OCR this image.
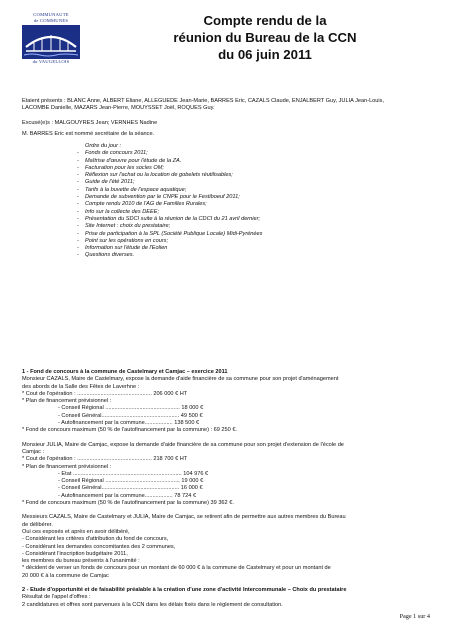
COMMUNAUTE
de COMMUNES
du VAUGELLOIS
Compte rendu de la
réunion du Bureau de la CCN
du 06 juin 2011
Etaient présents : BLANC Anne, ALBERT Eliane, ALLEGUEDE Jean-Marie, BARRES Eric, CAZALS Claude, ENJALBERT Guy, JULIA Jean-Louis,
LACOMBE Danielle, MAZARS Jean-Pierre, MOUYSSET Joël, ROQUES Guy.
Excusé(e)s : MALGOUYRES Jean; VERNHES Nadine
M. BARRES Eric est nommé secrétaire de la séance.
Ordre du jour :
- Fonds de concours 2011;
- Maîtrise d'œuvre pour l'étude de la ZA.
- Facturation pour les socles OM;
- Réflexion sur l'achat ou la location de gobelets réutilisables;
- Guide de l'été 2011;
- Tarifs à la buvette de l'espace aquatique;
- Demande de subvention par le CNPE pour le Festiboeuf 2011;
- Compte rendu 2010 de l'AG de Familles Rurales;
- Info sur la collecte des DEEE;
- Présentation du SDCI suite à la réunion de la CDCI du 21 avril dernier;
- Site Internet : choix du prestataire;
- Prise de participation à la SPL (Société Publique Locale) Midi-Pyrénées
- Point sur les opérations en cours;
- Information sur l'étude de l'Eolien
- Questions diverses.

1 - Fond de concours à la commune de Castelmary et Camjac – exercice 2011

Monsieur CAZALS, Maire de Castelmary, expose la demande d'aide financière de sa commune pour son projet d'aménagement

des abords de la Salle des Fêtes de Laverhne :

* Cout de l'opération : ................................................ 206 000 € HT

* Plan de financement prévisionnel :

- Conseil Régional ................................................ 18 000 €

- Conseil Général.................................................. 49 500 €

- Autofinancement par la commune.................. 138 500 €

* Fond de concours maximum (50 % de l'autofinancement par la commune) : 69 250 €.

Monsieur JULIA, Maire de Camjac, expose la demande d'aide financière de sa commune pour son projet d'extension de l'école de

Camjac :

* Cout de l'opération : ................................................ 218 700 € HT

* Plan de financement prévisionnel :

- Etat ...................................................................... 104 976 €

- Conseil Régional ................................................ 19 000 €

- Conseil Général.................................................. 16 000 €

- Autofinancement par la commune.................. 78 724 €

* Fond de concours maximum (50 % de l'autofinancement par la commune) 39 362 €.

Messieurs CAZALS, Maire de Castelmary et JULIA, Maire de Camjac, se retirent afin de permettre aux autres membres du Bureau

de délibérer.

Oui ces exposés et après en avoir délibéré,

- Considérant les critères d'attribution du fond de concours,

- Considérant les demandes concomitantes des 2 communes,

- Considérant l'inscription budgétaire 2011,

les membres du bureau présents à l'unanimité :

* décident de verser un fonds de concours pour un montant de 60 000 € à la commune de Castelmary et pour un montant de

20 000 € à la commune de Camjac

2 - Etude d'opportunité et de faisabilité préalable à la création d'une zone d'activité Intercommunale – Choix du prestataire

Résultat de l'appel d'offres :

2 candidatures et offres sont parvenues à la CCN dans les délais fixés dans le règlement de consultation.

Page 1 sur 4
